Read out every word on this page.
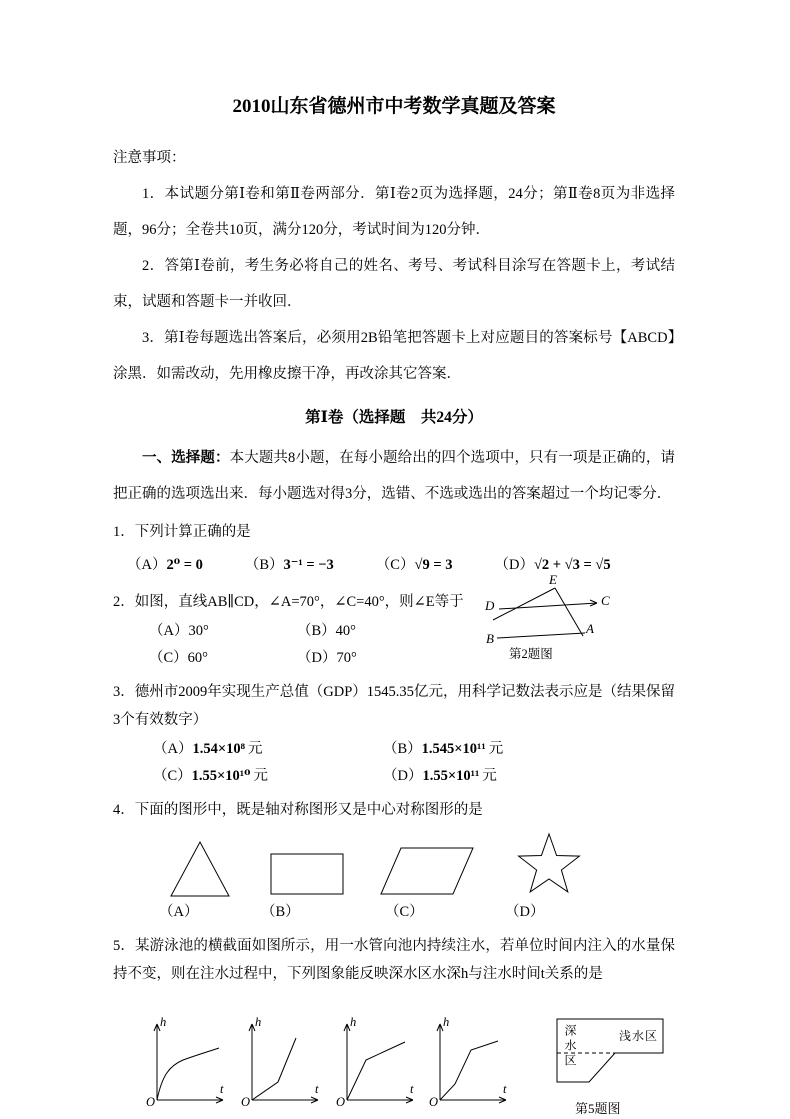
2010山东省德州市中考数学真题及答案

注意事项：

1．本试题分第Ⅰ卷和第Ⅱ卷两部分．第Ⅰ卷2页为选择题，24分；第Ⅱ卷8页为非选择题，96分；全卷共10页，满分120分，考试时间为120分钟．

2．答第Ⅰ卷前，考生务必将自己的姓名、考号、考试科目涂写在答题卡上，考试结束，试题和答题卡一并收回．

3．第Ⅰ卷每题选出答案后，必须用2B铅笔把答题卡上对应题目的答案标号【ABCD】涂黑．如需改动，先用橡皮擦干净，再改涂其它答案．

第Ⅰ卷（选择题　共24分）

一、选择题：本大题共8小题，在每小题给出的四个选项中，只有一项是正确的，请把正确的选项选出来．每小题选对得3分，选错、不选或选出的答案超过一个均记零分．

1．下列计算正确的是

（A）2⁰ = 0	（B）3⁻¹ = −3	（C）√9 = 3	（D）√2 + √3 = √5

2．如图，直线AB∥CD，∠A=70°，∠C=40°，则∠E等于

（A）30°	（B）40°
（C）60°	（D）70°
E
D	C
B
A
第2题图

3．德州市2009年实现生产总值（GDP）1545.35亿元，用科学记数法表示应是（结果保留3个有效数字）

（A）1.54×10⁸ 元	（B）1.545×10¹¹ 元
（C）1.55×10¹⁰ 元	（D）1.55×10¹¹ 元

4．下面的图形中，既是轴对称图形又是中心对称图形的是

（A）	（B）	（C）	（D）

5．某游泳池的横截面如图所示，用一水管向池内持续注水，若单位时间内注入的水量保持不变，则在注水过程中，下列图象能反映深水区水深h与注水时间t关系的是

h
t
O
h
t
O
h
t
O
h
t
O
浅水区
深水区
第5题图
